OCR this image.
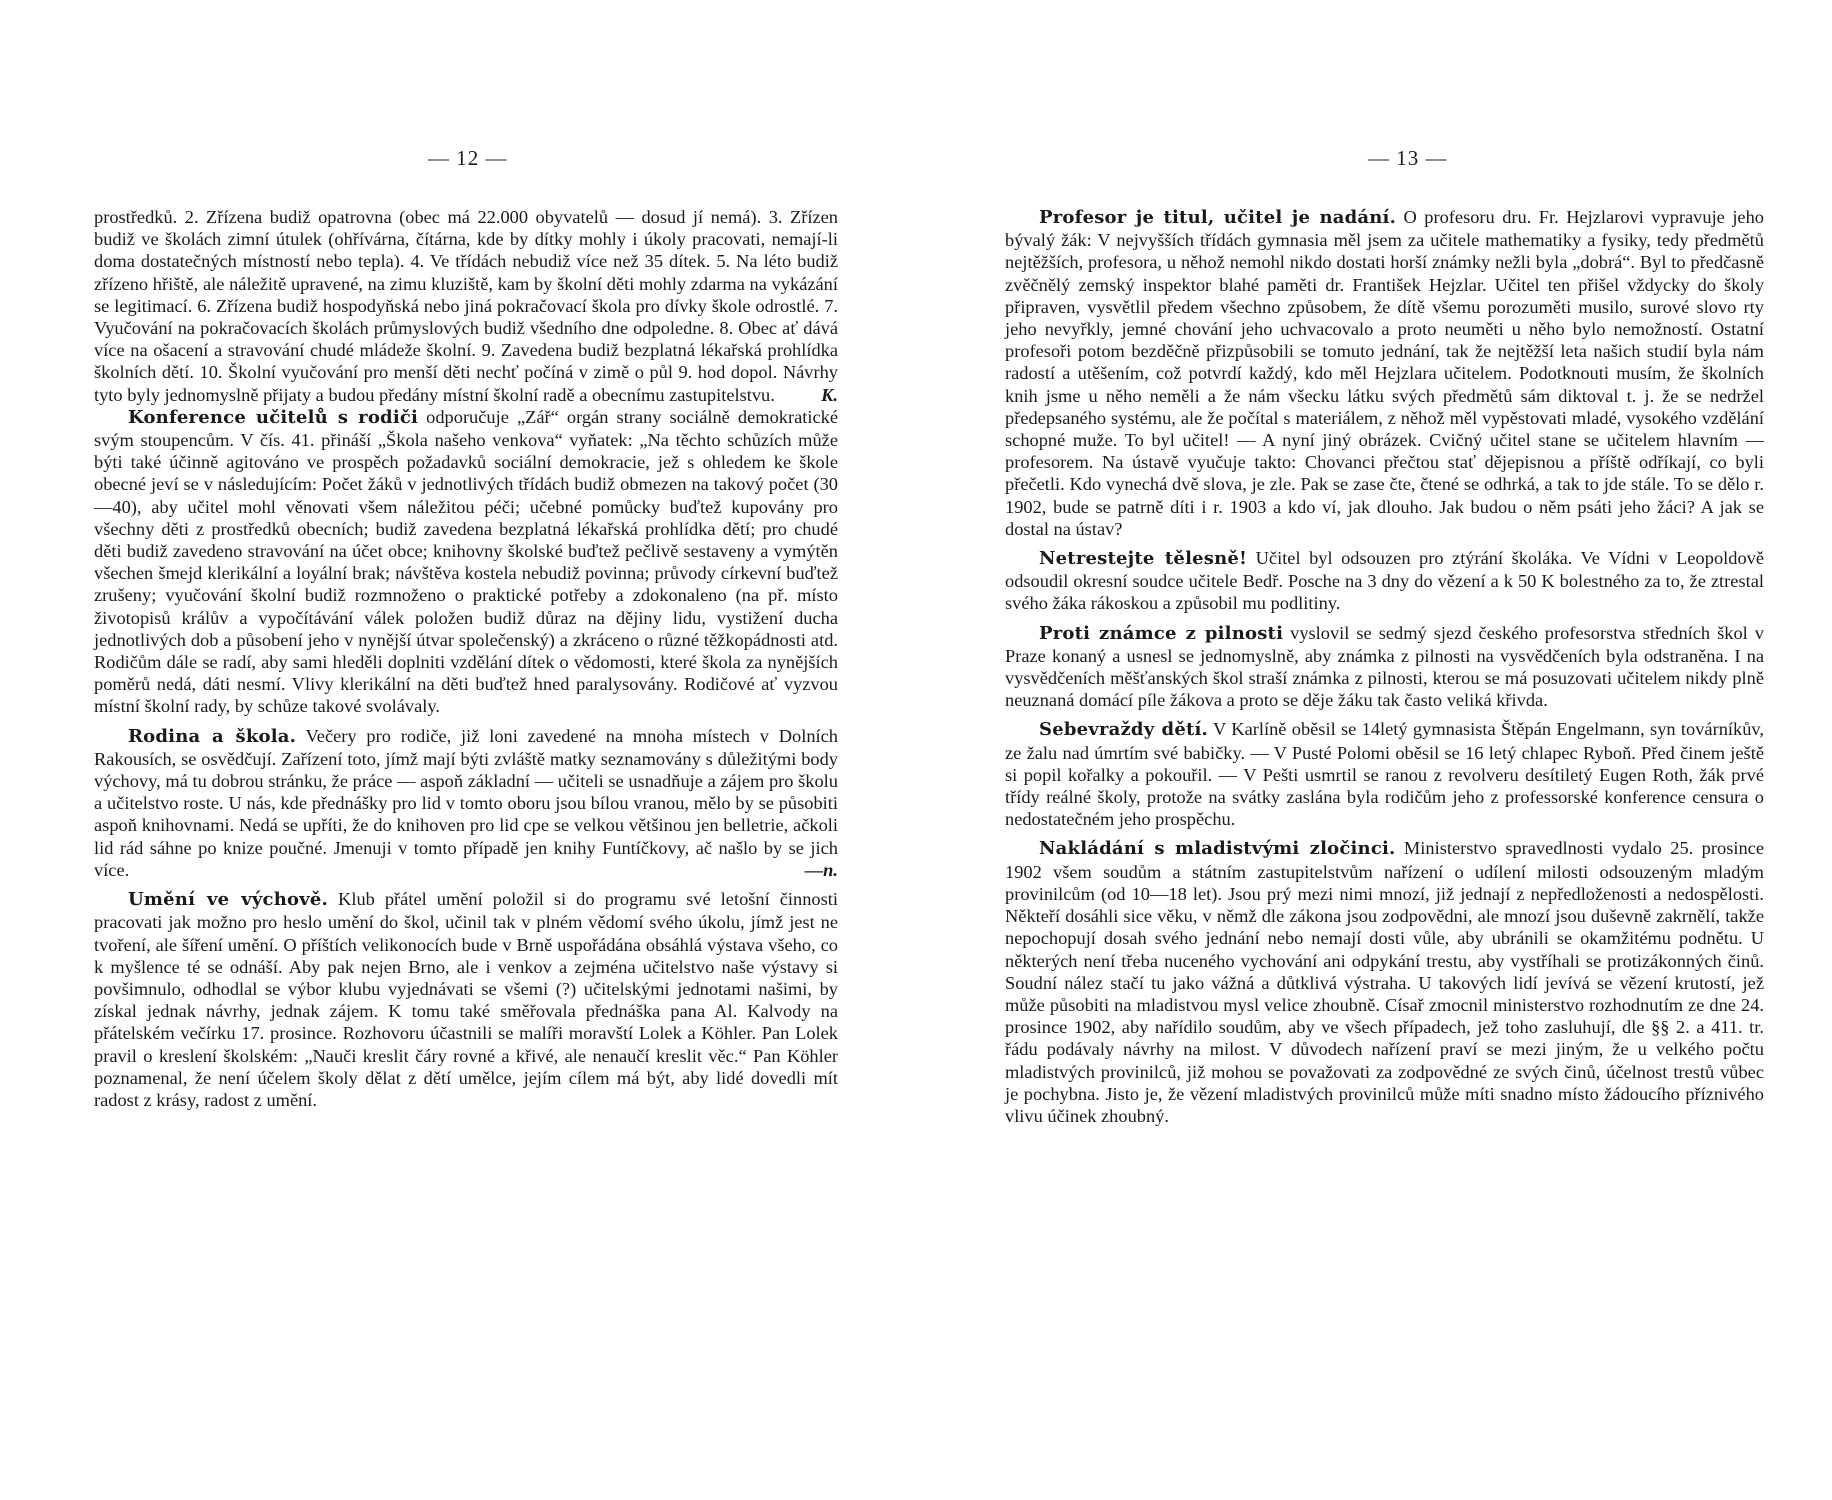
— 12 —

prostředků. 2. Zřízena budiž opatrovna (obec má 22.000 obyvatelů — dosud jí nemá). 3. Zřízen budiž ve školách zimní útulek (ohřívárna, čítárna, kde by dítky mohly i úkoly pracovati, nemají-li doma dostatečných místností nebo tepla). 4. Ve třídách nebudiž více než 35 dítek. 5. Na léto budiž zřízeno hřiště, ale náležitě upravené, na zimu kluziště, kam by školní děti mohly zdarma na vykázání se legitimací. 6. Zřízena budiž hospodyňská nebo jiná pokračovací škola pro dívky škole odrostlé. 7. Vyučování na pokračovacích školách průmyslových budiž všedního dne odpoledne. 8. Obec ať dává více na ošacení a stravování chudé mládeže školní. 9. Zavedena budiž bezplatná lékařská prohlídka školních dětí. 10. Školní vyučování pro menší děti nechť počíná v zimě o půl 9. hod dopol. Návrhy tyto byly jednomyslně přijaty a budou předány místní školní radě a obecnímu zastupitelstvu.	K.

Konference učitelů s rodiči odporučuje „Zář“ orgán strany sociálně demokratické svým stoupencům. V čís. 41. přináší „Škola našeho venkova“ vyňatek: „Na těchto schůzích může býti také účinně agitováno ve prospěch požadavků sociální demokracie, jež s ohledem ke škole obecné jeví se v následujícím: Počet žáků v jednotlivých třídách budiž obmezen na takový počet (30—40), aby učitel mohl věnovati všem náležitou péči; učebné pomůcky buďtež kupovány pro všechny děti z prostředků obecních; budiž zavedena bezplatná lékařská prohlídka dětí; pro chudé děti budiž zavedeno stravování na účet obce; knihovny školské buďtež pečlivě sestaveny a vymýtěn všechen šmejd klerikální a loyální brak; návštěva kostela nebudiž povinna; průvody církevní buďtež zrušeny; vyučování školní budiž rozmnoženo o praktické potřeby a zdokonaleno (na př. místo životopisů králův a vypočítávání válek položen budiž důraz na dějiny lidu, vystižení ducha jednotlivých dob a působení jeho v nynější útvar společenský) a zkráceno o různé těžkopádnosti atd. Rodičům dále se radí, aby sami hleděli doplniti vzdělání dítek o vědomosti, které škola za nynějších poměrů nedá, dáti nesmí. Vlivy klerikální na děti buďtež hned paralysovány. Rodičové ať vyzvou místní školní rady, by schůze takové svolávaly.

Rodina a škola. Večery pro rodiče, již loni zavedené na mnoha místech v Dolních Rakousích, se osvědčují. Zařízení toto, jímž mají býti zvláště matky seznamovány s důležitými body výchovy, má tu dobrou stránku, že práce — aspoň základní — učiteli se usnadňuje a zájem pro školu a učitelstvo roste. U nás, kde přednášky pro lid v tomto oboru jsou bílou vranou, mělo by se působiti aspoň knihovnami. Nedá se upříti, že do knihoven pro lid cpe se velkou většinou jen belletrie, ačkoli lid rád sáhne po knize poučné. Jmenuji v tomto případě jen knihy Funtíčkovy, ač našlo by se jich více.	—n.

Umění ve výchově. Klub přátel umění položil si do programu své letošní činnosti pracovati jak možno pro heslo umění do škol, učinil tak v plném vědomí svého úkolu, jímž jest ne tvoření, ale šíření umění. O příštích velikonocích bude v Brně uspořádána obsáhlá výstava všeho, co k myšlence té se odnáší. Aby pak nejen Brno, ale i venkov a zejména učitelstvo naše výstavy si povšimnulo, odhodlal se výbor klubu vyjednávati se všemi (?) učitelskými jednotami našimi, by získal jednak návrhy, jednak zájem. K tomu také směřovala přednáška pana Al. Kalvody na přátelském večírku 17. prosince. Rozhovoru účastnili se malíři moravští Lolek a Köhler. Pan Lolek pravil o kreslení školském: „Nauči kreslit čáry rovné a křivé, ale nenaučí kreslit věc.“ Pan Köhler poznamenal, že není účelem školy dělat z dětí umělce, jejím cílem má být, aby lidé dovedli mít radost z krásy, radost z umění.

— 13 —

Profesor je titul, učitel je nadání. O profesoru dru. Fr. Hejzlarovi vypravuje jeho bývalý žák: V nejvyšších třídách gymnasia měl jsem za učitele mathematiky a fysiky, tedy předmětů nejtěžších, profesora, u něhož nemohl nikdo dostati horší známky nežli byla „dobrá“. Byl to předčasně zvěčnělý zemský inspektor blahé paměti dr. František Hejzlar. Učitel ten přišel vždycky do školy připraven, vysvětlil předem všechno způsobem, že dítě všemu porozuměti musilo, surové slovo rty jeho nevyřkly, jemné chování jeho uchvacovalo a proto neuměti u něho bylo nemožností. Ostatní profesoři potom bezděčně přizpůsobili se tomuto jednání, tak že nejtěžší leta našich studií byla nám radostí a utěšením, což potvrdí každý, kdo měl Hejzlara učitelem. Podotknouti musím, že školních knih jsme u něho neměli a že nám všecku látku svých předmětů sám diktoval t. j. že se nedržel předepsaného systému, ale že počítal s materiálem, z něhož měl vypěstovati mladé, vysokého vzdělání schopné muže. To byl učitel! — A nyní jiný obrázek. Cvičný učitel stane se učitelem hlavním — profesorem. Na ústavě vyučuje takto: Chovanci přečtou stať dějepisnou a příště odříkají, co byli přečetli. Kdo vynechá dvě slova, je zle. Pak se zase čte, čtené se odhrká, a tak to jde stále. To se dělo r. 1902, bude se patrně díti i r. 1903 a kdo ví, jak dlouho. Jak budou o něm psáti jeho žáci? A jak se dostal na ústav?

Netrestejte tělesně! Učitel byl odsouzen pro ztýrání školáka. Ve Vídni v Leopoldově odsoudil okresní soudce učitele Bedř. Posche na 3 dny do vězení a k 50 K bolestného za to, že ztrestal svého žáka rákoskou a způsobil mu podlitiny.

Proti známce z pilnosti vyslovil se sedmý sjezd českého profesorstva středních škol v Praze konaný a usnesl se jednomyslně, aby známka z pilnosti na vysvědčeních byla odstraněna. I na vysvědčeních měšťanských škol straší známka z pilnosti, kterou se má posuzovati učitelem nikdy plně neuznaná domácí píle žákova a proto se děje žáku tak často veliká křivda.

Sebevraždy dětí. V Karlíně oběsil se 14letý gymnasista Štěpán Engelmann, syn továrníkův, ze žalu nad úmrtím své babičky. — V Pusté Polomi oběsil se 16 letý chlapec Ryboň. Před činem ještě si popil kořalky a pokouřil. — V Pešti usmrtil se ranou z revolveru desítiletý Eugen Roth, žák prvé třídy reálné školy, protože na svátky zaslána byla rodičům jeho z professorské konference censura o nedostatečném jeho prospěchu.

Nakládání s mladistvými zločinci. Ministerstvo spravedlnosti vydalo 25. prosince 1902 všem soudům a státním zastupitelstvům nařízení o udílení milosti odsouzeným mladým provinilcům (od 10—18 let). Jsou prý mezi nimi mnozí, již jednají z nepředloženosti a nedospělosti. Někteří dosáhli sice věku, v němž dle zákona jsou zodpovědni, ale mnozí jsou duševně zakrnělí, takže nepochopují dosah svého jednání nebo nemají dosti vůle, aby ubránili se okamžitému podnětu. U některých není třeba nuceného vychování ani odpykání trestu, aby vystříhali se protizákonných činů. Soudní nález stačí tu jako vážná a důtklivá výstraha. U takových lidí jevívá se vězení krutostí, jež může působiti na mladistvou mysl velice zhoubně. Císař zmocnil ministerstvo rozhodnutím ze dne 24. prosince 1902, aby nařídilo soudům, aby ve všech případech, jež toho zasluhují, dle §§ 2. a 411. tr. řádu podávaly návrhy na milost. V důvodech nařízení praví se mezi jiným, že u velkého počtu mladistvých provinilců, již mohou se považovati za zodpovědné ze svých činů, účelnost trestů vůbec je pochybna. Jisto je, že vězení mladistvých provinilců může míti snadno místo žádoucího příznivého vlivu účinek zhoubný.
